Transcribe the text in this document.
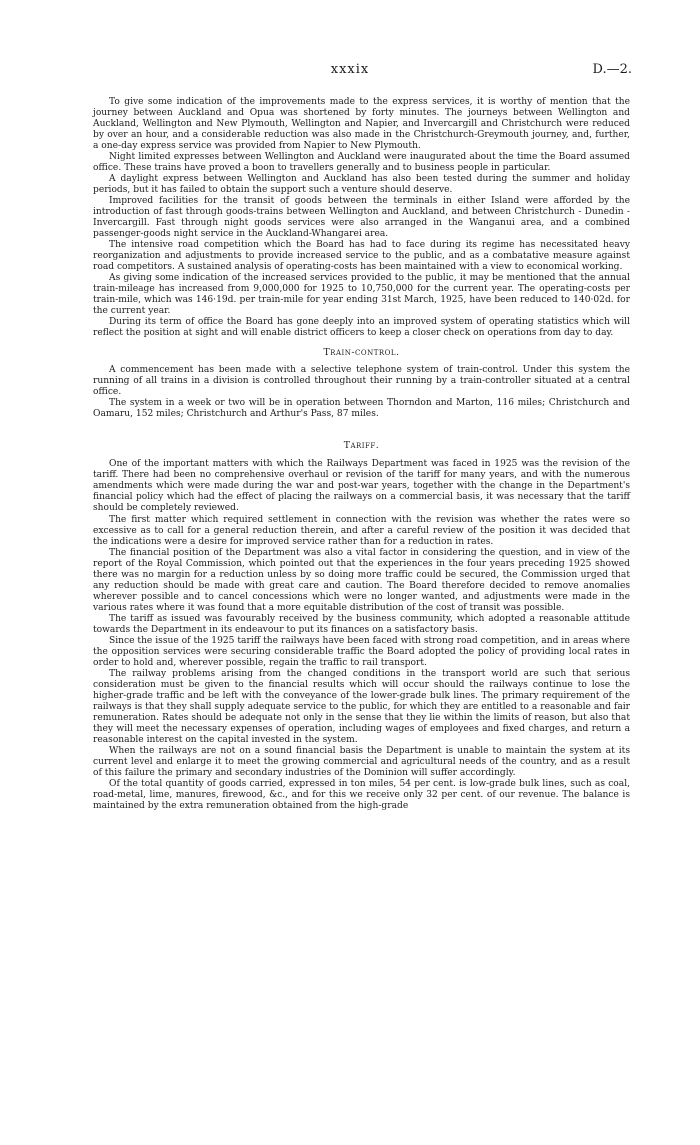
xxxix	D.—2.

To give some indication of the improvements made to the express services, it is worthy of mention that the journey between Auckland and Opua was shortened by forty minutes. The journeys between Wellington and Auckland, Wellington and New Plymouth, Wellington and Napier, and Invercargill and Christchurch were reduced by over an hour, and a considerable reduction was also made in the Christchurch-Greymouth journey, and, further, a one-day express service was provided from Napier to New Plymouth.

Night limited expresses between Wellington and Auckland were inaugurated about the time the Board assumed office. These trains have proved a boon to travellers generally and to business people in particular.

A daylight express between Wellington and Auckland has also been tested during the summer and holiday periods, but it has failed to obtain the support such a venture should deserve.

Improved facilities for the transit of goods between the terminals in either Island were afforded by the introduction of fast through goods-trains between Wellington and Auckland, and between Christchurch - Dunedin - Invercargill. Fast through night goods services were also arranged in the Wanganui area, and a combined passenger-goods night service in the Auckland-Whangarei area.

The intensive road competition which the Board has had to face during its regime has necessitated heavy reorganization and adjustments to provide increased service to the public, and as a combatative measure against road competitors. A sustained analysis of operating-costs has been maintained with a view to economical working.

As giving some indication of the increased services provided to the public, it may be mentioned that the annual train-mileage has increased from 9,000,000 for 1925 to 10,750,000 for the current year. The operating-costs per train-mile, which was 146·19d. per train-mile for year ending 31st March, 1925, have been reduced to 140·02d. for the current year.

During its term of office the Board has gone deeply into an improved system of operating statistics which will reflect the position at sight and will enable district officers to keep a closer check on operations from day to day.

Train-control.

A commencement has been made with a selective telephone system of train-control. Under this system the running of all trains in a division is controlled throughout their running by a train-controller situated at a central office.

The system in a week or two will be in operation between Thorndon and Marton, 116 miles; Christchurch and Oamaru, 152 miles; Christchurch and Arthur's Pass, 87 miles.

Tariff.

One of the important matters with which the Railways Department was faced in 1925 was the revision of the tariff. There had been no comprehensive overhaul or revision of the tariff for many years, and with the numerous amendments which were made during the war and post-war years, together with the change in the Department's financial policy which had the effect of placing the railways on a commercial basis, it was necessary that the tariff should be completely reviewed.

The first matter which required settlement in connection with the revision was whether the rates were so excessive as to call for a general reduction therein, and after a careful review of the position it was decided that the indications were a desire for improved service rather than for a reduction in rates.

The financial position of the Department was also a vital factor in considering the question, and in view of the report of the Royal Commission, which pointed out that the experiences in the four years preceding 1925 showed there was no margin for a reduction unless by so doing more traffic could be secured, the Commission urged that any reduction should be made with great care and caution. The Board therefore decided to remove anomalies wherever possible and to cancel concessions which were no longer wanted, and adjustments were made in the various rates where it was found that a more equitable distribution of the cost of transit was possible.

The tariff as issued was favourably received by the business community, which adopted a reasonable attitude towards the Department in its endeavour to put its finances on a satisfactory basis.

Since the issue of the 1925 tariff the railways have been faced with strong road competition, and in areas where the opposition services were securing considerable traffic the Board adopted the policy of providing local rates in order to hold and, wherever possible, regain the traffic to rail transport.

The railway problems arising from the changed conditions in the transport world are such that serious consideration must be given to the financial results which will occur should the railways continue to lose the higher-grade traffic and be left with the conveyance of the lower-grade bulk lines. The primary requirement of the railways is that they shall supply adequate service to the public, for which they are entitled to a reasonable and fair remuneration. Rates should be adequate not only in the sense that they lie within the limits of reason, but also that they will meet the necessary expenses of operation, including wages of employees and fixed charges, and return a reasonable interest on the capital invested in the system.

When the railways are not on a sound financial basis the Department is unable to maintain the system at its current level and enlarge it to meet the growing commercial and agricultural needs of the country, and as a result of this failure the primary and secondary industries of the Dominion will suffer accordingly.

Of the total quantity of goods carried, expressed in ton miles, 54 per cent. is low-grade bulk lines, such as coal, road-metal, lime, manures, firewood, &c., and for this we receive only 32 per cent. of our revenue. The balance is maintained by the extra remuneration obtained from the high-grade
